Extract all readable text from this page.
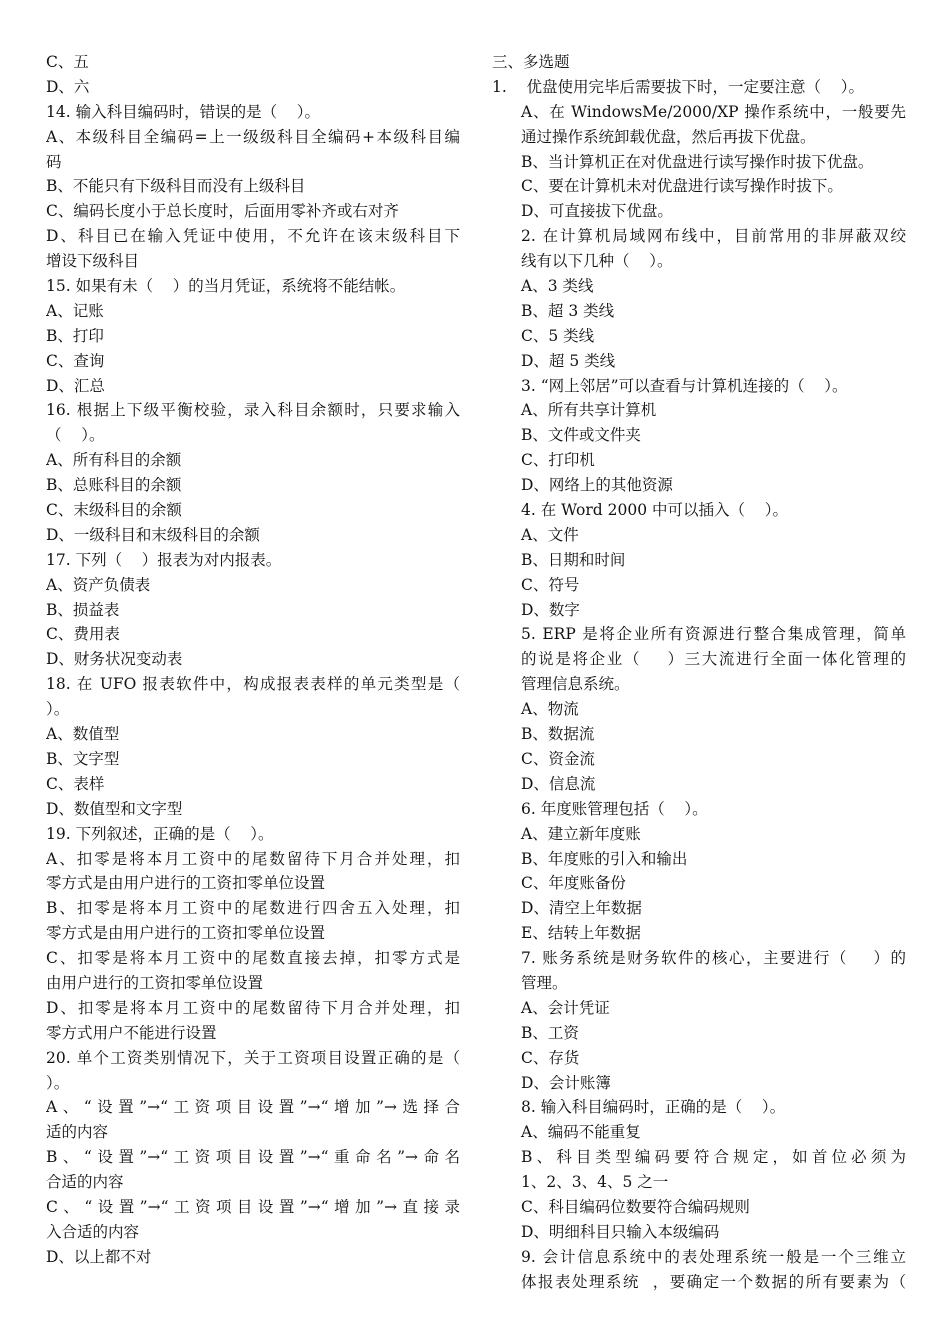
C、五
D、六
14. 输入科目编码时，错误的是（    ）。
A、本级科目全编码=上一级级科目全编码+本级科目编
码
B、不能只有下级科目而没有上级科目
C、编码长度小于总长度时，后面用零补齐或右对齐
D、科目已在输入凭证中使用，不允许在该末级科目下
增设下级科目
15. 如果有未（    ）的当月凭证，系统将不能结帐。
A、记账
B、打印
C、查询
D、汇总
16. 根据上下级平衡校验，录入科目余额时，只要求输入
（    ）。
A、所有科目的余额
B、总账科目的余额
C、末级科目的余额
D、一级科目和末级科目的余额
17. 下列（    ）报表为对内报表。
A、资产负债表
B、损益表
C、费用表
D、财务状况变动表
18. 在 UFO 报表软件中，构成报表表样的单元类型是（
）。
A、数值型
B、文字型
C、表样
D、数值型和文字型
19. 下列叙述，正确的是（    ）。
A、扣零是将本月工资中的尾数留待下月合并处理，扣
零方式是由用户进行的工资扣零单位设置
B、扣零是将本月工资中的尾数进行四舍五入处理，扣
零方式是由用户进行的工资扣零单位设置
C、扣零是将本月工资中的尾数直接去掉，扣零方式是
由用户进行的工资扣零单位设置
D、扣零是将本月工资中的尾数留待下月合并处理，扣
零方式用户不能进行设置
20. 单个工资类别情况下，关于工资项目设置正确的是（
）。
A、“设置”→“工资项目设置”→“增加”→选择合
适的内容
B、“设置”→“工资项目设置”→“重命名”→命名
合适的内容
C、“设置”→“工资项目设置”→“增加”→直接录
入合适的内容
D、以上都不对
三、多选题
1.    优盘使用完毕后需要拔下时，一定要注意（    ）。
A、在 WindowsMe/2000/XP 操作系统中，一般要先
通过操作系统卸载优盘，然后再拔下优盘。
B、当计算机正在对优盘进行读写操作时拔下优盘。
C、要在计算机未对优盘进行读写操作时拔下。
D、可直接拔下优盘。
2. 在计算机局域网布线中，目前常用的非屏蔽双绞
线有以下几种（    ）。
A、3 类线
B、超 3 类线
C、5 类线
D、超 5 类线
3. “网上邻居”可以查看与计算机连接的（    ）。
A、所有共享计算机
B、文件或文件夹
C、打印机
D、网络上的其他资源
4. 在 Word 2000 中可以插入（    ）。
A、文件
B、日期和时间
C、符号
D、数字
5. ERP 是将企业所有资源进行整合集成管理，简单
的说是将企业（    ）三大流进行全面一体化管理的
管理信息系统。
A、物流
B、数据流
C、资金流
D、信息流
6. 年度账管理包括（    ）。
A、建立新年度账
B、年度账的引入和输出
C、年度账备份
D、清空上年数据
E、结转上年数据
7. 账务系统是财务软件的核心，主要进行（    ）的
管理。
A、会计凭证
B、工资
C、存货
D、会计账簿
8. 输入科目编码时，正确的是（    ）。
A、编码不能重复
B、科目类型编码要符合规定，如首位必须为
1、2、3、4、5 之一
C、科目编码位数要符合编码规则
D、明细科目只输入本级编码
9. 会计信息系统中的表处理系统一般是一个三维立
体报表处理系统  ，要确定一个数据的所有要素为（
